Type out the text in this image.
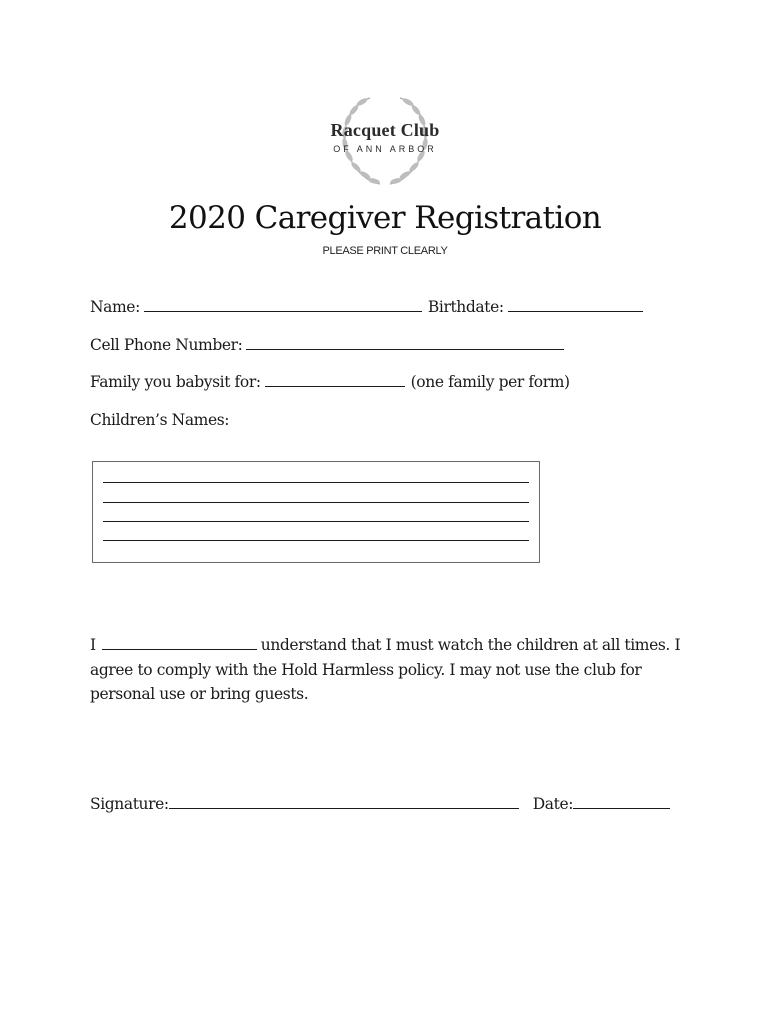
Racquet Club
OF ANN ARBOR
2020 Caregiver Registration
PLEASE PRINT CLEARLY
Name:	Birthdate:
Cell Phone Number:
Family you babysit for:	(one family per form)
Children’s Names:
I	understand that I must watch the children at all times. I agree to comply with the Hold Harmless policy. I may not use the club for personal use or bring guests.
Signature:	Date:
